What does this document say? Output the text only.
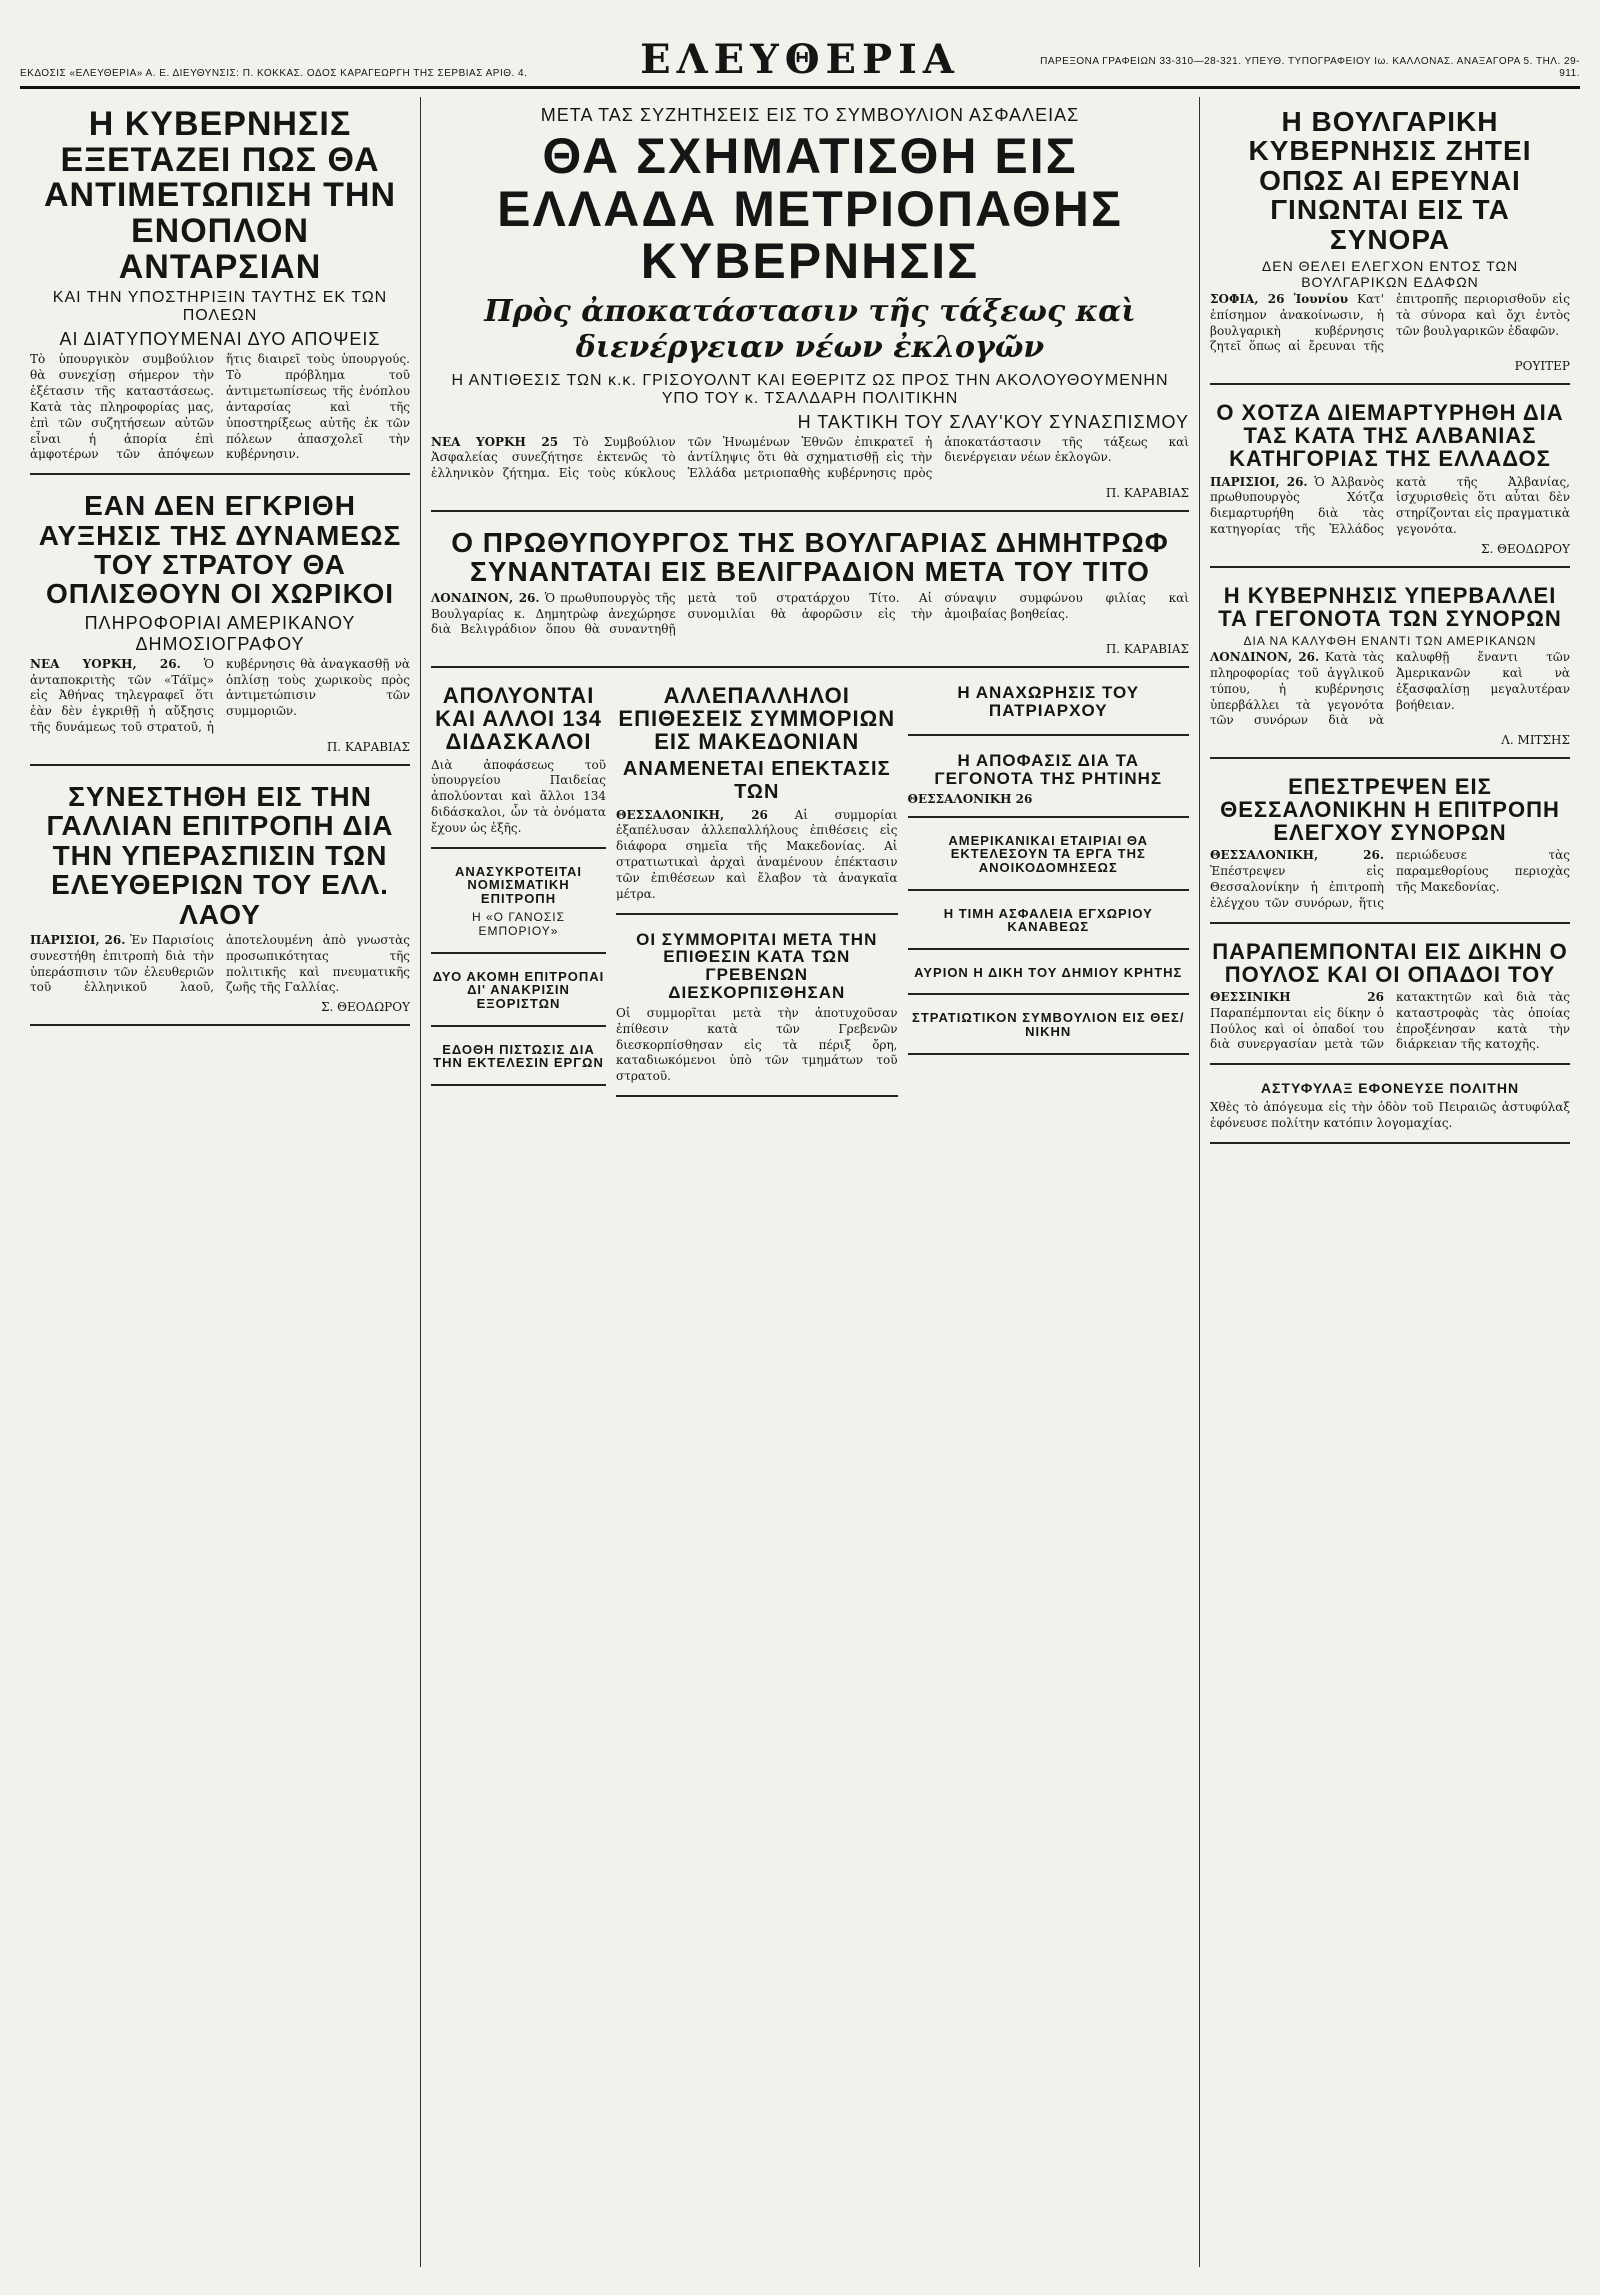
ΕΚΔΟΣΙΣ «ΕΛΕΥΘΕΡΙΑ» Α. Ε. ΔΙΕΥΘΥΝΣΙΣ: Π. ΚΟΚΚΑΣ. ΟΔΟΣ ΚΑΡΑΓΕΩΡΓΗ ΤΗΣ ΣΕΡΒΙΑΣ ΑΡΙΘ. 4.	ΕΛΕΥΘΕΡΙΑ	ΠΑΡΕΞΟΝΑ ΓΡΑΦΕΙΩΝ 33-310—28-321. ΥΠΕΥΘ. ΤΥΠΟΓΡΑΦΕΙΟΥ Ιω. ΚΑΛΛΟΝΑΣ. ΑΝΑΞΑΓΟΡΑ 5. ΤΗΛ. 29-911.
Η ΚΥΒΕΡΝΗΣΙΣ ΕΞΕΤΑΖΕΙ ΠΩΣ ΘΑ ΑΝΤΙΜΕΤΩΠΙΣΗ ΤΗΝ ΕΝΟΠΛΟΝ ΑΝΤΑΡΣΙΑΝ
ΚΑΙ ΤΗΝ ΥΠΟΣΤΗΡΙΞΙΝ ΤΑΥΤΗΣ ΕΚ ΤΩΝ ΠΟΛΕΩΝ
ΑΙ ΔΙΑΤΥΠΟΥΜΕΝΑΙ ΔΥΟ ΑΠΟΨΕΙΣ
Τὸ ὑπουργικὸν συμβούλιον θὰ συνεχίσῃ σήμερον τὴν ἐξέτασιν τῆς καταστάσεως. Κατὰ τὰς πληροφορίας μας, ἐπὶ τῶν συζητήσεων αὐτῶν εἶναι ἡ ἀπορία ἐπὶ ἀμφοτέρων τῶν ἀπόψεων ἥτις διαιρεῖ τοὺς ὑπουργούς. Τὸ πρόβλημα τοῦ ἀντιμετωπίσεως τῆς ἐνόπλου ἀνταρσίας καὶ τῆς ὑποστηρίξεως αὐτῆς ἐκ τῶν πόλεων ἀπασχολεῖ τὴν κυβέρνησιν.
ΕΑΝ ΔΕΝ ΕΓΚΡΙΘΗ ΑΥΞΗΣΙΣ ΤΗΣ ΔΥΝΑΜΕΩΣ ΤΟΥ ΣΤΡΑΤΟΥ ΘΑ ΟΠΛΙΣΘΟΥΝ ΟΙ ΧΩΡΙΚΟΙ
ΠΛΗΡΟΦΟΡΙΑΙ ΑΜΕΡΙΚΑΝΟΥ ΔΗΜΟΣΙΟΓΡΑΦΟΥ
ΝΕΑ ΥΟΡΚΗ, 26. Ὁ ἀνταποκριτὴς τῶν «Τάϊμς» εἰς Ἀθήνας τηλεγραφεῖ ὅτι ἐὰν δὲν ἐγκριθῇ ἡ αὔξησις τῆς δυνάμεως τοῦ στρατοῦ, ἡ κυβέρνησις θὰ ἀναγκασθῇ νὰ ὁπλίσῃ τοὺς χωρικοὺς πρὸς ἀντιμετώπισιν τῶν συμμοριῶν.
Π. ΚΑΡΑΒΙΑΣ
ΣΥΝΕΣΤΗΘΗ ΕΙΣ ΤΗΝ ΓΑΛΛΙΑΝ ΕΠΙΤΡΟΠΗ ΔΙΑ ΤΗΝ ΥΠΕΡΑΣΠΙΣΙΝ ΤΩΝ ΕΛΕΥΘΕΡΙΩΝ ΤΟΥ ΕΛΛ. ΛΑΟΥ
ΠΑΡΙΣΙΟΙ, 26. Ἐν Παρισίοις συνεστήθη ἐπιτροπὴ διὰ τὴν ὑπεράσπισιν τῶν ἐλευθεριῶν τοῦ ἑλληνικοῦ λαοῦ, ἀποτελουμένη ἀπὸ γνωστὰς προσωπικότητας τῆς πολιτικῆς καὶ πνευματικῆς ζωῆς τῆς Γαλλίας.
Σ. ΘΕΟΔΩΡΟΥ
ΜΕΤΑ ΤΑΣ ΣΥΖΗΤΗΣΕΙΣ ΕΙΣ ΤΟ ΣΥΜΒΟΥΛΙΟΝ ΑΣΦΑΛΕΙΑΣ
ΘΑ ΣΧΗΜΑΤΙΣΘΗ ΕΙΣ ΕΛΛΑΔΑ ΜΕΤΡΙΟΠΑΘΗΣ ΚΥΒΕΡΝΗΣΙΣ
Πρὸς ἀποκατάστασιν τῆς τάξεως καὶ διενέργειαν νέων ἐκλογῶν
Η ΑΝΤΙΘΕΣΙΣ ΤΩΝ κ.κ. ΓΡΙΣΟΥΟΛΝΤ ΚΑΙ ΕΘΕΡΙΤΖ ΩΣ ΠΡΟΣ ΤΗΝ ΑΚΟΛΟΥΘΟΥΜΕΝΗΝ ΥΠΟ ΤΟΥ κ. ΤΣΑΛΔΑΡΗ ΠΟΛΙΤΙΚΗΝ
Η ΤΑΚΤΙΚΗ ΤΟΥ ΣΛΑΥ'ΚΟΥ ΣΥΝΑΣΠΙΣΜΟΥ
ΝΕΑ ΥΟΡΚΗ 25 Τὸ Συμβούλιον Ἀσφαλείας συνεζήτησε ἐκτενῶς τὸ ἑλληνικὸν ζήτημα. Εἰς τοὺς κύκλους τῶν Ἡνωμένων Ἐθνῶν ἐπικρατεῖ ἡ ἀντίληψις ὅτι θὰ σχηματισθῇ εἰς τὴν Ἑλλάδα μετριοπαθὴς κυβέρνησις πρὸς ἀποκατάστασιν τῆς τάξεως καὶ διενέργειαν νέων ἐκλογῶν.
Π. ΚΑΡΑΒΙΑΣ
Ο ΠΡΩΘΥΠΟΥΡΓΟΣ ΤΗΣ ΒΟΥΛΓΑΡΙΑΣ ΔΗΜΗΤΡΩΦ ΣΥΝΑΝΤΑΤΑΙ ΕΙΣ ΒΕΛΙΓΡΑΔΙΟΝ ΜΕΤΑ ΤΟΥ ΤΙΤΟ
ΛΟΝΔΙΝΟΝ, 26. Ὁ πρωθυπουργὸς τῆς Βουλγαρίας κ. Δημητρὼφ ἀνεχώρησε διὰ Βελιγράδιον ὅπου θὰ συναντηθῇ μετὰ τοῦ στρατάρχου Τίτο. Αἱ συνομιλίαι θὰ ἀφορῶσιν εἰς τὴν σύναψιν συμφώνου φιλίας καὶ ἀμοιβαίας βοηθείας.
Π. ΚΑΡΑΒΙΑΣ
ΑΠΟΛΥΟΝΤΑΙ ΚΑΙ ΑΛΛΟΙ 134 ΔΙΔΑΣΚΑΛΟΙ
Διὰ ἀποφάσεως τοῦ ὑπουργείου Παιδείας ἀπολύονται καὶ ἄλλοι 134 διδάσκαλοι, ὧν τὰ ὀνόματα ἔχουν ὡς ἑξῆς.
ΑΝΑΣΥΚΡΟΤΕΙΤΑΙ ΝΟΜΙΣΜΑΤΙΚΗ ΕΠΙΤΡΟΠΗ
Η «Ο ΓΑΝΟΣΙΣ ΕΜΠΟΡΙΟΥ»
ΔΥΟ ΑΚΟΜΗ ΕΠΙΤΡΟΠΑΙ ΔΙ' ΑΝΑΚΡΙΣΙΝ ΕΞΟΡΙΣΤΩΝ
ΕΔΟΘΗ ΠΙΣΤΩΣΙΣ ΔΙΑ ΤΗΝ ΕΚΤΕΛΕΣΙΝ ΕΡΓΩΝ
ΑΛΛΕΠΑΛΛΗΛΟΙ ΕΠΙΘΕΣΕΙΣ ΣΥΜΜΟΡΙΩΝ ΕΙΣ ΜΑΚΕΔΟΝΙΑΝ
ΑΝΑΜΕΝΕΤΑΙ ΕΠΕΚΤΑΣΙΣ ΤΩΝ
ΘΕΣΣΑΛΟΝΙΚΗ, 26 Αἱ συμμορίαι ἐξαπέλυσαν ἀλλεπαλλήλους ἐπιθέσεις εἰς διάφορα σημεῖα τῆς Μακεδονίας. Αἱ στρατιωτικαὶ ἀρχαὶ ἀναμένουν ἐπέκτασιν τῶν ἐπιθέσεων καὶ ἔλαβον τὰ ἀναγκαῖα μέτρα.
ΟΙ ΣΥΜΜΟΡΙΤΑΙ ΜΕΤΑ ΤΗΝ ΕΠΙΘΕΣΙΝ ΚΑΤΑ ΤΩΝ ΓΡΕΒΕΝΩΝ ΔΙΕΣΚΟΡΠΙΣΘΗΣΑΝ
Οἱ συμμορῖται μετὰ τὴν ἀποτυχοῦσαν ἐπίθεσιν κατὰ τῶν Γρεβενῶν διεσκορπίσθησαν εἰς τὰ πέριξ ὄρη, καταδιωκόμενοι ὑπὸ τῶν τμημάτων τοῦ στρατοῦ.
Η ΑΝΑΧΩΡΗΣΙΣ ΤΟΥ ΠΑΤΡΙΑΡΧΟΥ
Η ΑΠΟΦΑΣΙΣ ΔΙΑ ΤΑ ΓΕΓΟΝΟΤΑ ΤΗΣ ΡΗΤΙΝΗΣ
ΘΕΣΣΑΛΟΝΙΚΗ 26
ΑΜΕΡΙΚΑΝΙΚΑΙ ΕΤΑΙΡΙΑΙ ΘΑ ΕΚΤΕΛΕΣΟΥΝ ΤΑ ΕΡΓΑ ΤΗΣ ΑΝΟΙΚΟΔΟΜΗΣΕΩΣ
Η ΤΙΜΗ ΑΣΦΑΛΕΙΑ ΕΓΧΩΡΙΟΥ ΚΑΝΑΒΕΩΣ
ΑΥΡΙΟΝ Η ΔΙΚΗ ΤΟΥ ΔΗΜΙΟΥ ΚΡΗΤΗΣ
ΣΤΡΑΤΙΩΤΙΚΟΝ ΣΥΜΒΟΥΛΙΟΝ ΕΙΣ ΘΕΣ/ΝΙΚΗΝ
Η ΒΟΥΛΓΑΡΙΚΗ ΚΥΒΕΡΝΗΣΙΣ ΖΗΤΕΙ ΟΠΩΣ ΑΙ ΕΡΕΥΝΑΙ ΓΙΝΩΝΤΑΙ ΕΙΣ ΤΑ ΣΥΝΟΡΑ
ΔΕΝ ΘΕΛΕΙ ΕΛΕΓΧΟΝ ΕΝΤΟΣ ΤΩΝ ΒΟΥΛΓΑΡΙΚΩΝ ΕΔΑΦΩΝ
ΣΟΦΙΑ, 26 Ἰουνίου Κατ' ἐπίσημον ἀνακοίνωσιν, ἡ βουλγαρικὴ κυβέρνησις ζητεῖ ὅπως αἱ ἔρευναι τῆς ἐπιτροπῆς περιορισθοῦν εἰς τὰ σύνορα καὶ ὄχι ἐντὸς τῶν βουλγαρικῶν ἐδαφῶν.
ΡΟΥΙΤΕΡ
Ο ΧΟΤΖΑ ΔΙΕΜΑΡΤΥΡΗΘΗ ΔΙΑ ΤΑΣ ΚΑΤΑ ΤΗΣ ΑΛΒΑΝΙΑΣ ΚΑΤΗΓΟΡΙΑΣ ΤΗΣ ΕΛΛΑΔΟΣ
ΠΑΡΙΣΙΟΙ, 26. Ὁ Ἀλβανὸς πρωθυπουργὸς Χότζα διεμαρτυρήθη διὰ τὰς κατηγορίας τῆς Ἑλλάδος κατὰ τῆς Ἀλβανίας, ἰσχυρισθεὶς ὅτι αὗται δὲν στηρίζονται εἰς πραγματικὰ γεγονότα.
Σ. ΘΕΟΔΩΡΟΥ
Η ΚΥΒΕΡΝΗΣΙΣ ΥΠΕΡΒΑΛΛΕΙ ΤΑ ΓΕΓΟΝΟΤΑ ΤΩΝ ΣΥΝΟΡΩΝ
ΔΙΑ ΝΑ ΚΑΛΥΦΘΗ ΕΝΑΝΤΙ ΤΩΝ ΑΜΕΡΙΚΑΝΩΝ
ΛΟΝΔΙΝΟΝ, 26. Κατὰ τὰς πληροφορίας τοῦ ἀγγλικοῦ τύπου, ἡ κυβέρνησις ὑπερβάλλει τὰ γεγονότα τῶν συνόρων διὰ νὰ καλυφθῇ ἔναντι τῶν Ἀμερικανῶν καὶ νὰ ἐξασφαλίσῃ μεγαλυτέραν βοήθειαν.
Λ. ΜΙΤΣΗΣ
ΕΠΕΣΤΡΕΨΕΝ ΕΙΣ ΘΕΣΣΑΛΟΝΙΚΗΝ Η ΕΠΙΤΡΟΠΗ ΕΛΕΓΧΟΥ ΣΥΝΟΡΩΝ
ΘΕΣΣΑΛΟΝΙΚΗ, 26. Ἐπέστρεψεν εἰς Θεσσαλονίκην ἡ ἐπιτροπὴ ἐλέγχου τῶν συνόρων, ἥτις περιώδευσε τὰς παραμεθορίους περιοχὰς τῆς Μακεδονίας.
ΠΑΡΑΠΕΜΠΟΝΤΑΙ ΕΙΣ ΔΙΚΗΝ Ο ΠΟΥΛΟΣ ΚΑΙ ΟΙ ΟΠΑΔΟΙ ΤΟΥ
ΘΕΣΣΙΝΙΚΗ 26 Παραπέμπονται εἰς δίκην ὁ Πούλος καὶ οἱ ὀπαδοί του διὰ συνεργασίαν μετὰ τῶν κατακτητῶν καὶ διὰ τὰς καταστροφὰς τὰς ὁποίας ἐπροξένησαν κατὰ τὴν διάρκειαν τῆς κατοχῆς.
ΑΣΤΥΦΥΛΑΞ ΕΦΟΝΕΥΣΕ ΠΟΛΙΤΗΝ
Χθὲς τὸ ἀπόγευμα εἰς τὴν ὁδὸν τοῦ Πειραιῶς ἀστυφύλαξ ἐφόνευσε πολίτην κατόπιν λογομαχίας.
